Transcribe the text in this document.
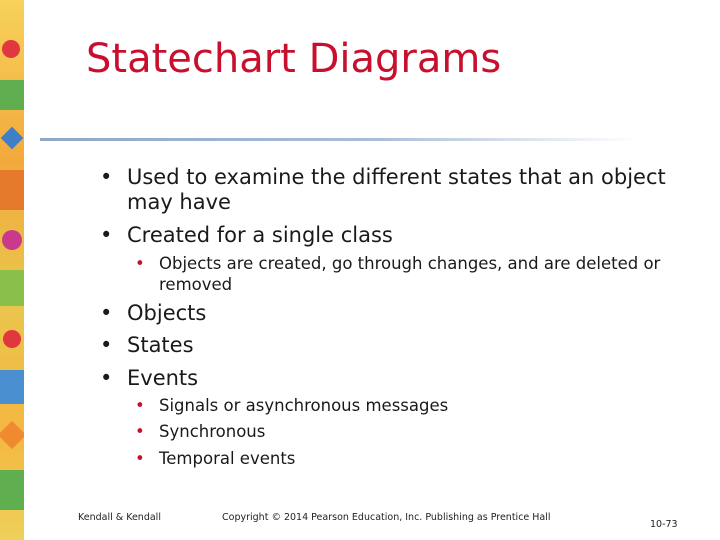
Statechart Diagrams
• Used to examine the different states that an object
may have
• Created for a single class
• Objects are created, go through changes, and are deleted or
removed
• Objects
• States
• Events
• Signals or asynchronous messages
• Synchronous
• Temporal events
Kendall & Kendall	Copyright © 2014 Pearson Education, Inc. Publishing as Prentice Hall
10-73
